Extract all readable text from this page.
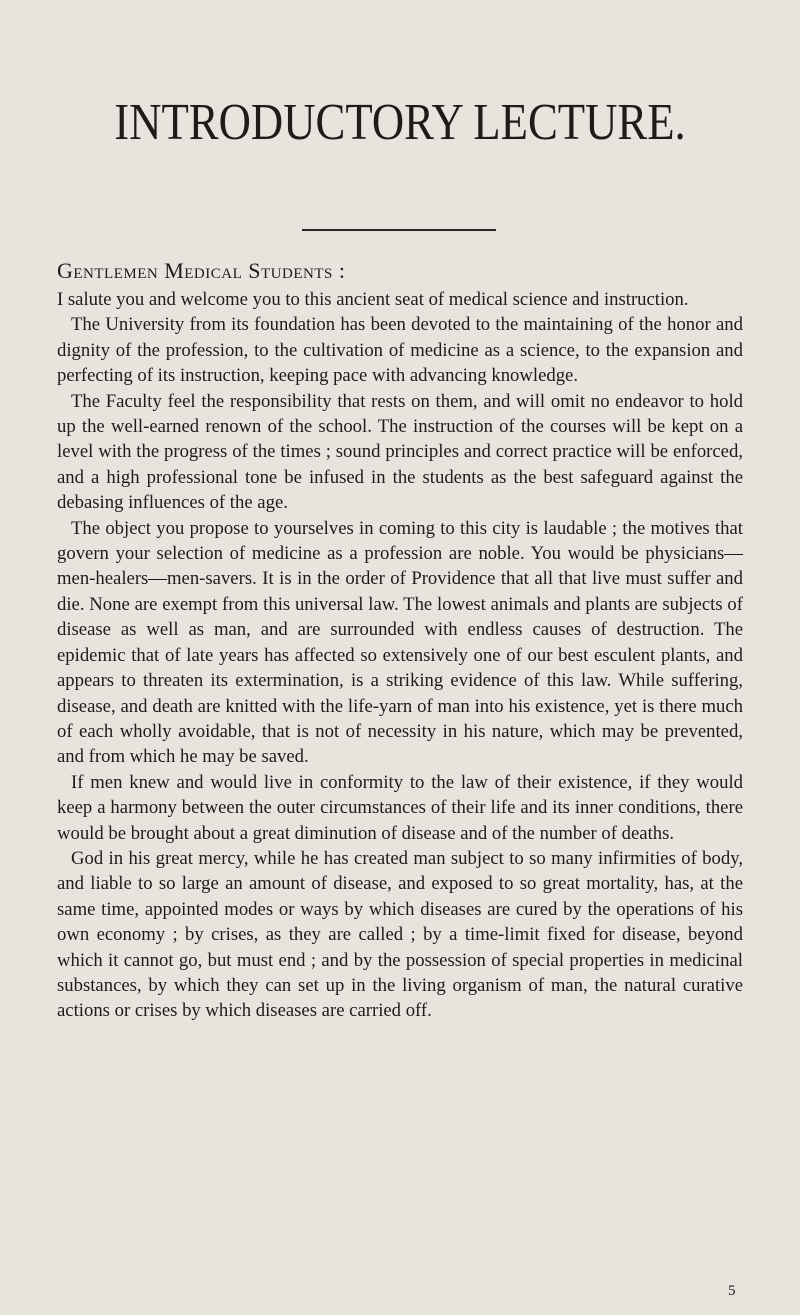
INTRODUCTORY LECTURE.

Gentlemen Medical Students :

I salute you and welcome you to this ancient seat of medical science and instruction.

The University from its foundation has been devoted to the maintaining of the honor and dignity of the profession, to the cultivation of medicine as a science, to the expansion and perfecting of its instruction, keeping pace with advancing knowledge.

The Faculty feel the responsibility that rests on them, and will omit no endeavor to hold up the well-earned renown of the school. The instruction of the courses will be kept on a level with the progress of the times ; sound principles and correct practice will be enforced, and a high professional tone be infused in the students as the best safeguard against the debasing influences of the age.

The object you propose to yourselves in coming to this city is laudable ; the motives that govern your selection of medicine as a profession are noble. You would be physicians—men-healers—men-savers. It is in the order of Providence that all that live must suffer and die. None are exempt from this universal law. The lowest animals and plants are subjects of disease as well as man, and are surrounded with endless causes of destruction. The epidemic that of late years has affected so extensively one of our best esculent plants, and appears to threaten its extermination, is a striking evidence of this law. While suffering, disease, and death are knitted with the life-yarn of man into his existence, yet is there much of each wholly avoidable, that is not of necessity in his nature, which may be prevented, and from which he may be saved.

If men knew and would live in conformity to the law of their existence, if they would keep a harmony between the outer circumstances of their life and its inner conditions, there would be brought about a great diminution of disease and of the number of deaths.

God in his great mercy, while he has created man subject to so many infirmities of body, and liable to so large an amount of disease, and exposed to so great mortality, has, at the same time, appointed modes or ways by which diseases are cured by the operations of his own economy ; by crises, as they are called ; by a time-limit fixed for disease, beyond which it cannot go, but must end ; and by the possession of special properties in medicinal substances, by which they can set up in the living organism of man, the natural curative actions or crises by which diseases are carried off.

5
